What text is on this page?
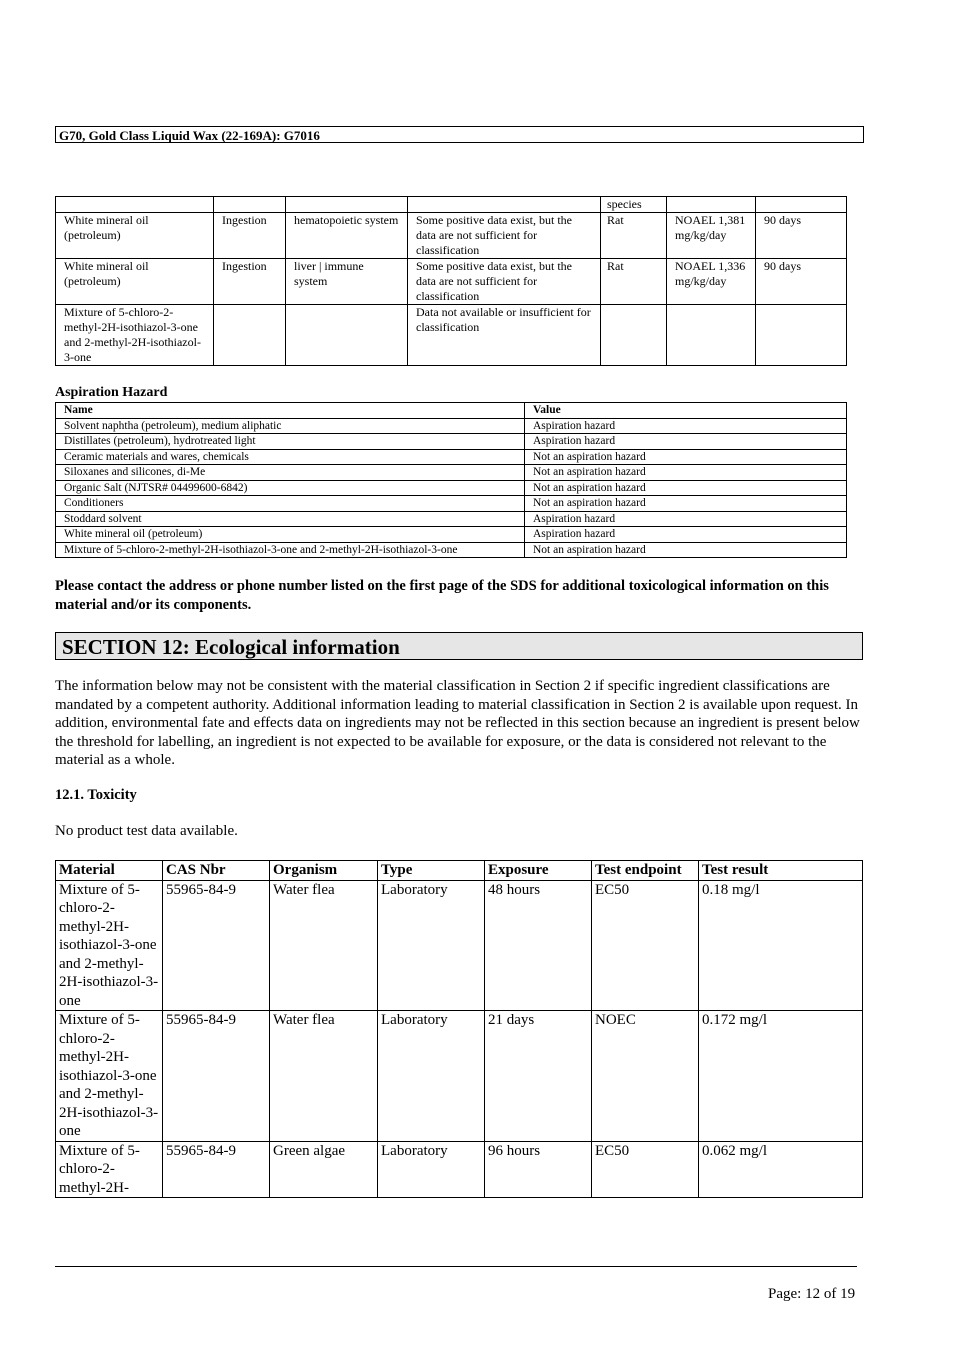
G70, Gold Class Liquid Wax (22-169A): G7016
				species		
White mineral oil (petroleum)	Ingestion	hematopoietic system	Some positive data exist, but the data are not sufficient for classification	Rat	NOAEL 1,381 mg/kg/day	90 days
White mineral oil (petroleum)	Ingestion	liver | immune system	Some positive data exist, but the data are not sufficient for classification	Rat	NOAEL 1,336 mg/kg/day	90 days
Mixture of 5-chloro-2-methyl-2H-isothiazol-3-one and 2-methyl-2H-isothiazol-3-one			Data not available or insufficient for classification			
Aspiration Hazard
Name	Value
Solvent naphtha (petroleum), medium aliphatic	Aspiration hazard
Distillates (petroleum), hydrotreated light	Aspiration hazard
Ceramic materials and wares, chemicals	Not an aspiration hazard
Siloxanes and silicones, di-Me	Not an aspiration hazard
Organic Salt (NJTSR# 04499600-6842)	Not an aspiration hazard
Conditioners	Not an aspiration hazard
Stoddard solvent	Aspiration hazard
White mineral oil (petroleum)	Aspiration hazard
Mixture of 5-chloro-2-methyl-2H-isothiazol-3-one and 2-methyl-2H-isothiazol-3-one	Not an aspiration hazard
Please contact the address or phone number listed on the first page of the SDS for additional toxicological information on this material and/or its components.
SECTION 12: Ecological information
The information below may not be consistent with the material classification in Section 2 if specific ingredient classifications are mandated by a competent authority. Additional information leading to material classification in Section 2 is available upon request. In addition, environmental fate and effects data on ingredients may not be reflected in this section because an ingredient is present below the threshold for labelling, an ingredient is not expected to be available for exposure, or the data is considered not relevant to the material as a whole.
12.1. Toxicity
No product test data available.
Material	CAS Nbr	Organism	Type	Exposure	Test endpoint	Test result
Mixture of 5-chloro-2-methyl-2H-isothiazol-3-one and 2-methyl-2H-isothiazol-3-one	55965-84-9	Water flea	Laboratory	48 hours	EC50	0.18 mg/l
Mixture of 5-chloro-2-methyl-2H-isothiazol-3-one and 2-methyl-2H-isothiazol-3-one	55965-84-9	Water flea	Laboratory	21 days	NOEC	0.172 mg/l
Mixture of 5-chloro-2-methyl-2H-	55965-84-9	Green algae	Laboratory	96 hours	EC50	0.062 mg/l
Page: 12 of 19
